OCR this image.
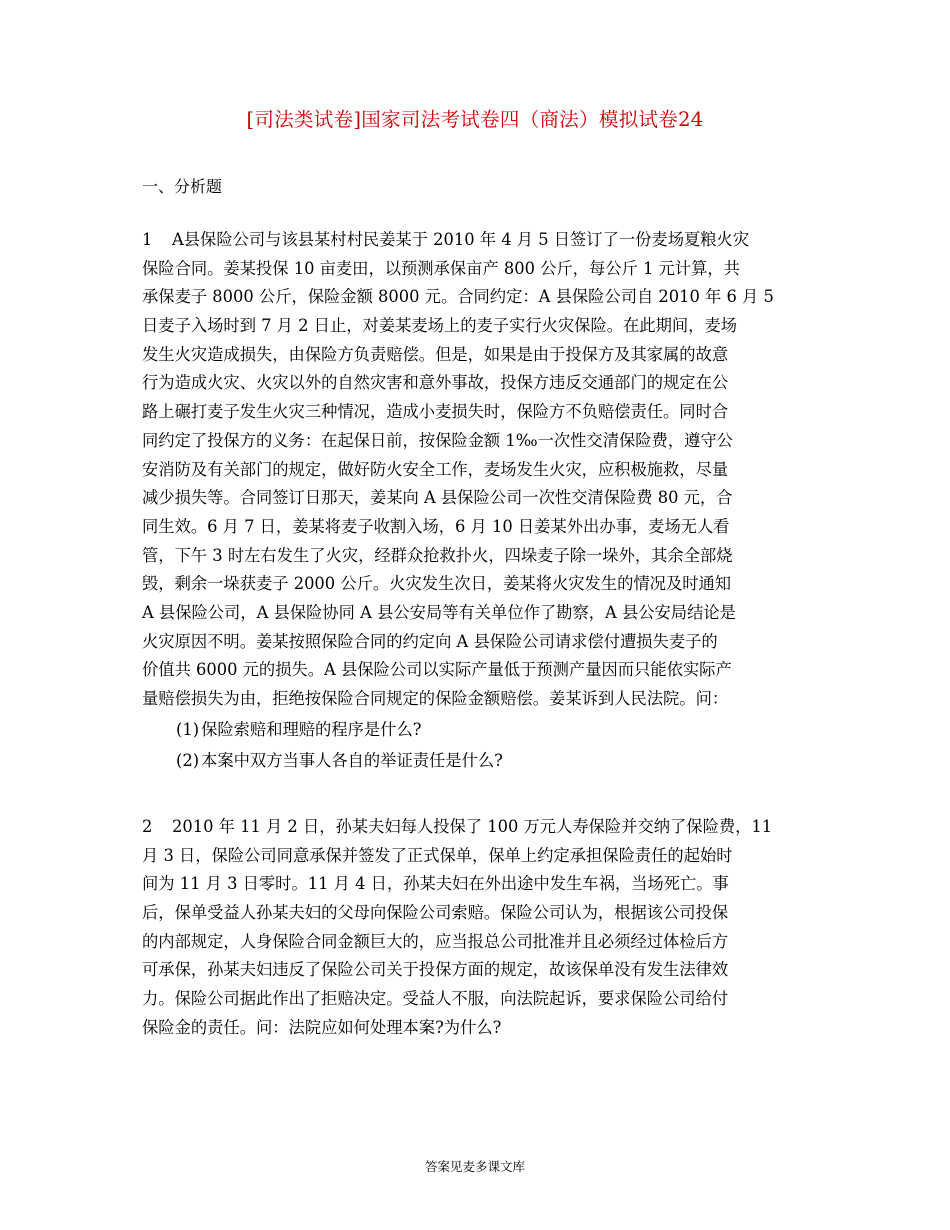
[司法类试卷]国家司法考试卷四（商法）模拟试卷24
一、分析题
1 A县保险公司与该县某村村民姜某于 2010 年 4 月 5 日签订了一份麦场夏粮火灾
保险合同。姜某投保 10 亩麦田，以预测承保亩产 800 公斤，每公斤 1 元计算，共
承保麦子 8000 公斤，保险金额 8000 元。合同约定：A 县保险公司自 2010 年 6 月 5
日麦子入场时到 7 月 2 日止，对姜某麦场上的麦子实行火灾保险。在此期间，麦场
发生火灾造成损失，由保险方负责赔偿。但是，如果是由于投保方及其家属的故意
行为造成火灾、火灾以外的自然灾害和意外事故，投保方违反交通部门的规定在公
路上碾打麦子发生火灾三种情况，造成小麦损失时，保险方不负赔偿责任。同时合
同约定了投保方的义务：在起保日前，按保险金额 1‰一次性交清保险费，遵守公
安消防及有关部门的规定，做好防火安全工作，麦场发生火灾，应积极施救，尽量
减少损失等。合同签订日那天，姜某向 A 县保险公司一次性交清保险费 80 元，合
同生效。6 月 7 日，姜某将麦子收割入场，6 月 10 日姜某外出办事，麦场无人看
管，下午 3 时左右发生了火灾，经群众抢救扑火，四垛麦子除一垛外，其余全部烧
毁，剩余一垛获麦子 2000 公斤。火灾发生次日，姜某将火灾发生的情况及时通知
A 县保险公司，A 县保险协同 A 县公安局等有关单位作了勘察，A 县公安局结论是
火灾原因不明。姜某按照保险合同的约定向 A 县保险公司请求偿付遭损失麦子的
价值共 6000 元的损失。A 县保险公司以实际产量低于预测产量因而只能依实际产
量赔偿损失为由，拒绝按保险合同规定的保险金额赔偿。姜某诉到人民法院。问：
(1) 保险索赔和理赔的程序是什么?
(2) 本案中双方当事人各自的举证责任是什么?
2 2010 年 11 月 2 日，孙某夫妇每人投保了 100 万元人寿保险并交纳了保险费，11
月 3 日，保险公司同意承保并签发了正式保单，保单上约定承担保险责任的起始时
间为 11 月 3 日零时。11 月 4 日，孙某夫妇在外出途中发生车祸，当场死亡。事
后，保单受益人孙某夫妇的父母向保险公司索赔。保险公司认为，根据该公司投保
的内部规定，人身保险合同金额巨大的，应当报总公司批准并且必须经过体检后方
可承保，孙某夫妇违反了保险公司关于投保方面的规定，故该保单没有发生法律效
力。保险公司据此作出了拒赔决定。受益人不服，向法院起诉，要求保险公司给付
保险金的责任。问：法院应如何处理本案?为什么?
答案见麦多课文库
